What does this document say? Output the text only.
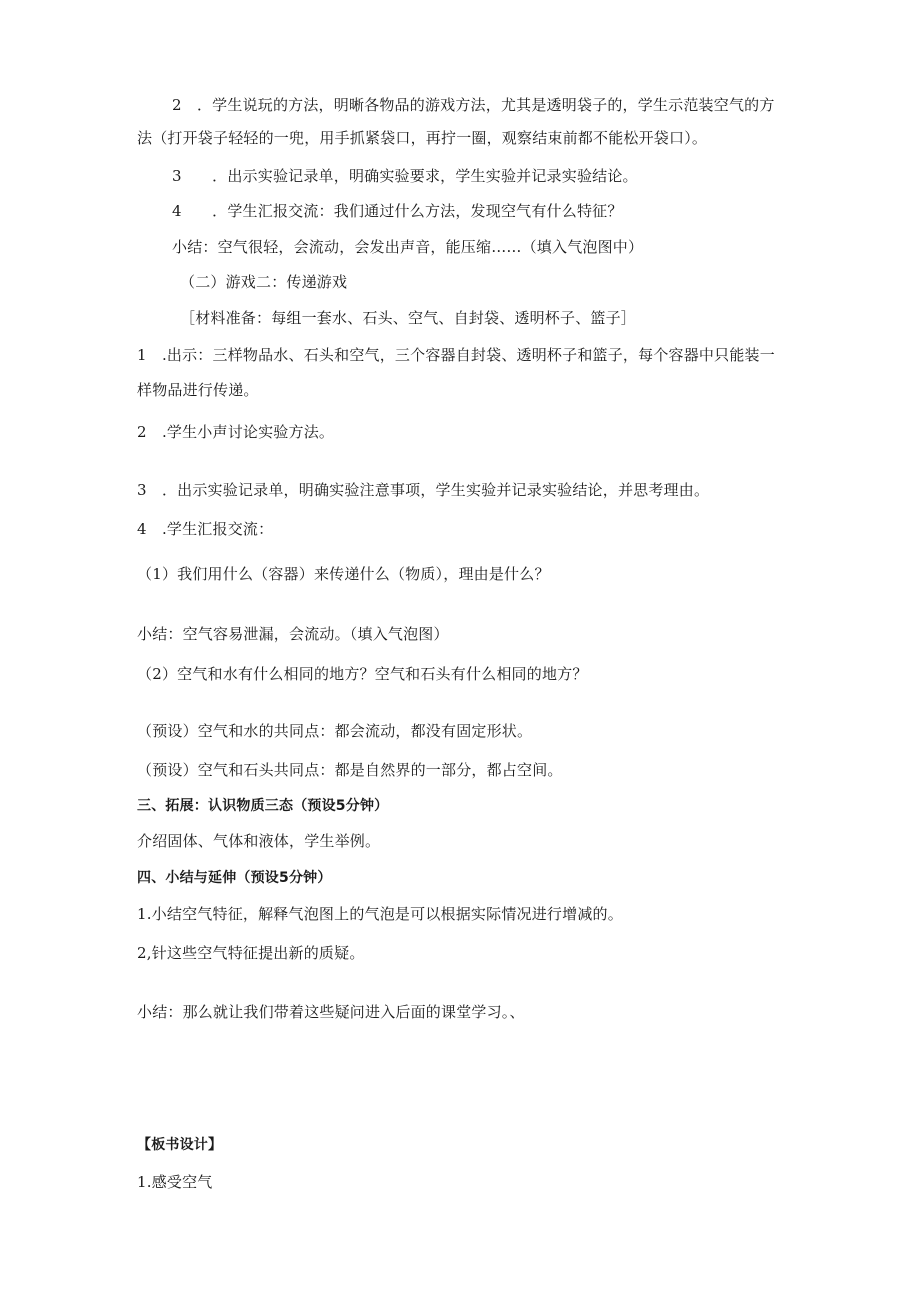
2　．学生说玩的方法，明晰各物品的游戏方法，尤其是透明袋子的，学生示范装空气的方
法（打开袋子轻轻的一兜，用手抓紧袋口，再拧一圈，观察结束前都不能松开袋口）。
3　　．出示实验记录单，明确实验要求，学生实验并记录实验结论。
4　　．学生汇报交流：我们通过什么方法，发现空气有什么特征？
小结：空气很轻，会流动，会发出声音，能压缩……（填入气泡图中）
（二）游戏二：传递游戏
［材料准备：每组一套水、石头、空气、自封袋、透明杯子、篮子］
1　.出示：三样物品水、石头和空气，三个容器自封袋、透明杯子和篮子，每个容器中只能装一
样物品进行传递。
2　.学生小声讨论实验方法。
3　．出示实验记录单，明确实验注意事项，学生实验并记录实验结论，并思考理由。
4　.学生汇报交流：
（1）我们用什么（容器）来传递什么（物质），理由是什么？
小结：空气容易泄漏，会流动。（填入气泡图）
（2）空气和水有什么相同的地方？空气和石头有什么相同的地方？
（预设）空气和水的共同点：都会流动，都没有固定形状。
（预设）空气和石头共同点：都是自然界的一部分，都占空间。
三、拓展：认识物质三态（预设5分钟）
介绍固体、气体和液体，学生举例。
四、小结与延伸（预设5分钟）
1.小结空气特征，解释气泡图上的气泡是可以根据实际情况进行增减的。
2,针这些空气特征提出新的质疑。
小结：那么就让我们带着这些疑问进入后面的课堂学习。、
【板书设计】
1.感受空气
